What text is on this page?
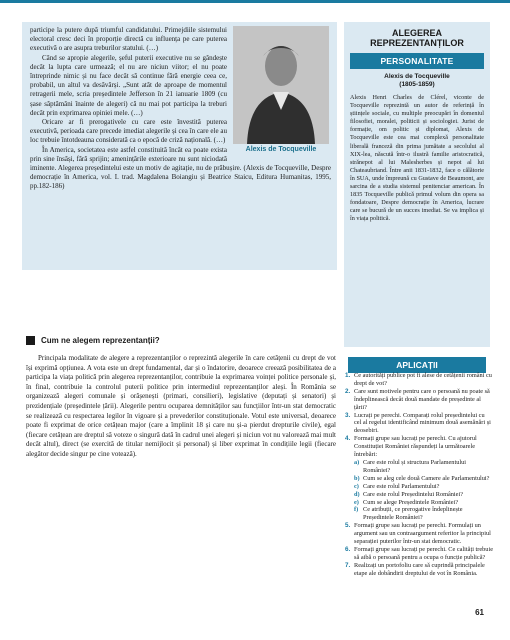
Alexis de Tocqueville

participe la putere după triumful candidatului. Primejdiile sistemului electoral cresc deci în proporție directă cu influența pe care puterea executivă o are asupra treburilor statului. (…)

Când se apropie alegerile, șeful puterii executive nu se gândește decât la lupta care urmează; el nu are niciun viitor; el nu poate întreprinde nimic și nu face decât să continue fără energie ceea ce, probabil, un altul va desăvârși. „Sunt atât de aproape de momentul retragerii mele, scria președintele Jefferson în 21 ianuarie 1809 (cu șase săptămâni înainte de alegeri) că nu mai pot participa la treburi decât prin exprimarea opiniei mele. (…)

Oricare ar fi prerogativele cu care este învestită puterea executivă, perioada care precede imediat alegerile și cea în care ele au loc trebuie întotdeauna considerată ca o epocă de criză națională. (…)

În America, societatea este astfel constituită încât ea poate exista prin sine însăși, fără sprijin; amenințările exterioare nu sunt niciodată iminente. Alegerea președintelui este un motiv de agitație, nu de prăbușire. (Alexis de Tocqueville, Despre democrație în America, vol. I. trad. Magdalena Boiangiu și Beatrice Staicu, Editura Humanitas, 1995, pp.182-186)

ALEGEREA
REPREZENTANȚILOR
PERSONALITATE
Alexis de Tocqueville
(1805-1859)

Alexis Henri Charles de Clérel, viconte de Tocqueville reprezintă un autor de referință în științele sociale, cu multiple preocupări în domeniul filosofiei, moralei, politicii și sociologiei. Jurist de formație, om politic și diplomat, Alexis de Tocqueville este cea mai complexă personalitate liberală franceză din prima jumătate a secolului al XIX-lea, născută într-o ilustră familie aristocratică, strănepot al lui Malesherbes și nepot al lui Chateaubriand. Între anii 1831-1832, face o călătorie în SUA, unde împreună cu Gustave de Beaumont, are sarcina de a studia sistemul penitenciar american. În 1835 Tocqueville publică primul volum din opera sa fondatoare, Despre democrație în America, lucrare care se bucură de un succes imediat. Se va implica și în viața politică.

Cum ne alegem reprezentanții?

Principala modalitate de alegere a reprezentanților o reprezintă alegerile în care cetățenii cu drept de vot își exprimă opțiunea. A vota este un drept fundamental, dar și o îndatorire, deoarece creează posibilitatea de a participa la viața politică prin alegerea reprezentanților, contribuie la exprimarea voinței politice personale și, în final, contribuie la controlul puterii politice prin intermediul reprezentanților aleși. În România se organizează alegeri comunale și orășenești (primari, consilieri), legislative (deputați și senatori) și prezidențiale (președintele țării). Alegerile pentru ocuparea demnităților sau funcțiilor într-un stat democratic se realizează cu respectarea legilor în vigoare și a prevederilor constituționale. Votul este universal, deoarece poate fi exprimat de orice cetățean major (care a împlinit 18 și care nu și-a pierdut drepturile civile), egal (fiecare cetățean are dreptul să voteze o singură dată în cadrul unei alegeri și niciun vot nu valorează mai mult decât altul), direct (se exercită de titular nemijlocit și personal) și liber exprimat în condițiile legii (fiecare alegător decide singur pe cine votează).

APLICAȚII
1. Ce autorități publice pot fi alese de cetățenii români cu drept de vot?
2. Care sunt motivele pentru care o persoană nu poate să îndeplinească decât două mandate de președinte al țării?
3. Lucrați pe perechi. Comparați rolul președintelui cu cel al regelui identificând minimum două asemănări și deosebiri.
4. Formați grupe sau lucrați pe perechi. Cu ajutorul Constituției României răspundeți la următoarele întrebări:
a) Care este rolul și structura Parlamentului României?
b) Cum se aleg cele două Camere ale Parlamentului?
c) Care este rolul Parlamentului?
d) Care este rolul Președintelui României?
e) Cum se alege Președintele României?
f) Ce atribuții, ce prerogative îndeplinește Președintele României?
5. Formați grupe sau lucrați pe perechi. Formulați un argument sau un contraargument referitor la principiul separației puterilor într-un stat democratic.
6. Formați grupe sau lucrați pe perechi. Ce calități trebuie să aibă o persoană pentru a ocupa o funcție publică?
7. Realizați un portofoliu care să cuprindă principalele etape ale dobândirii dreptului de vot în România.
61
